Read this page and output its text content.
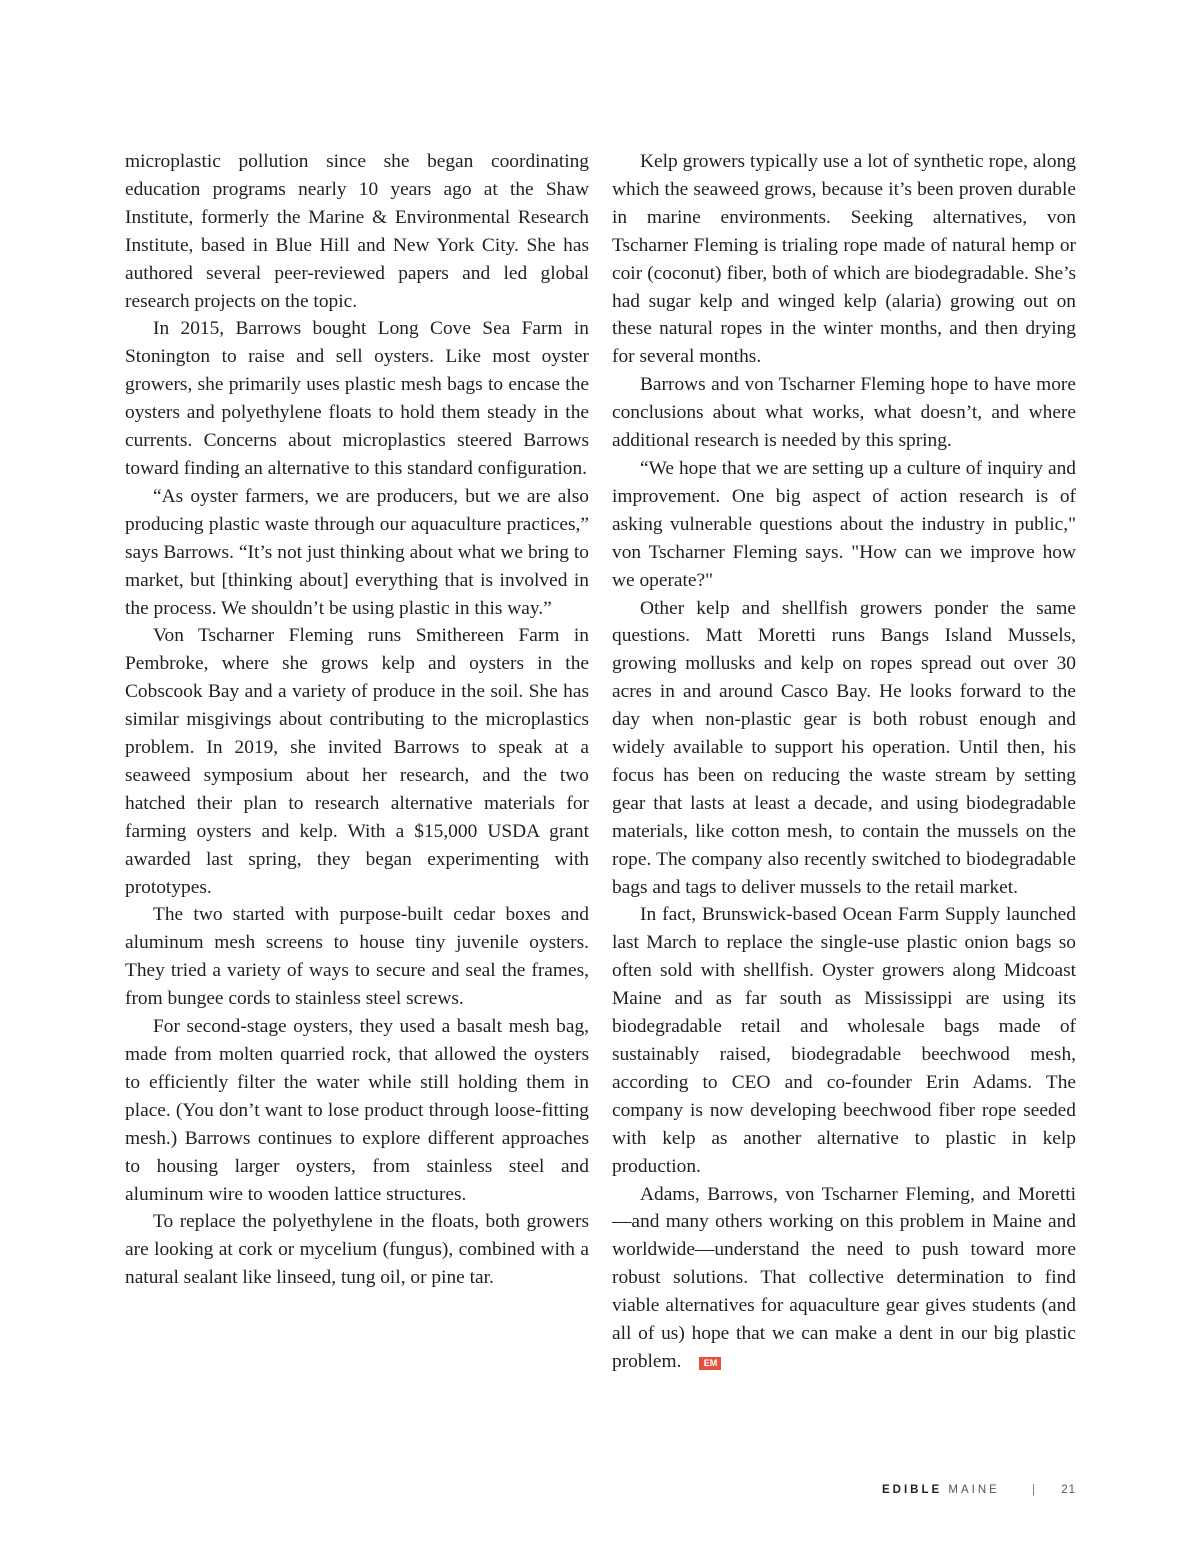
microplastic pollution since she began coordinating education programs nearly 10 years ago at the Shaw Institute, formerly the Marine & Environmental Research Institute, based in Blue Hill and New York City. She has authored several peer-reviewed papers and led global research projects on the topic.

In 2015, Barrows bought Long Cove Sea Farm in Stonington to raise and sell oysters. Like most oyster growers, she primarily uses plastic mesh bags to encase the oysters and polyethylene floats to hold them steady in the currents. Concerns about microplastics steered Barrows toward finding an alternative to this standard configuration.

“As oyster farmers, we are producers, but we are also producing plastic waste through our aquaculture practices,” says Barrows. “It’s not just thinking about what we bring to market, but [thinking about] everything that is involved in the process. We shouldn’t be using plastic in this way.”

Von Tscharner Fleming runs Smithereen Farm in Pembroke, where she grows kelp and oysters in the Cobscook Bay and a variety of produce in the soil. She has similar misgivings about contributing to the microplastics problem. In 2019, she invited Barrows to speak at a seaweed symposium about her research, and the two hatched their plan to research alternative materials for farming oysters and kelp. With a $15,000 USDA grant awarded last spring, they began experimenting with prototypes.

The two started with purpose-built cedar boxes and aluminum mesh screens to house tiny juvenile oysters. They tried a variety of ways to secure and seal the frames, from bungee cords to stainless steel screws.

For second-stage oysters, they used a basalt mesh bag, made from molten quarried rock, that allowed the oysters to efficiently filter the water while still holding them in place. (You don’t want to lose product through loose-fitting mesh.) Barrows continues to explore different approaches to housing larger oysters, from stainless steel and aluminum wire to wooden lattice structures.

To replace the polyethylene in the floats, both growers are looking at cork or mycelium (fungus), combined with a natural sealant like linseed, tung oil, or pine tar.

Kelp growers typically use a lot of synthetic rope, along which the seaweed grows, because it’s been proven durable in marine environments. Seeking alternatives, von Tscharner Fleming is trialing rope made of natural hemp or coir (coconut) fiber, both of which are biodegradable. She’s had sugar kelp and winged kelp (alaria) growing out on these natural ropes in the winter months, and then drying for several months.

Barrows and von Tscharner Fleming hope to have more conclusions about what works, what doesn’t, and where additional research is needed by this spring.

“We hope that we are setting up a culture of inquiry and improvement. One big aspect of action research is of asking vulnerable questions about the industry in public," von Tscharner Fleming says. "How can we improve how we operate?"

Other kelp and shellfish growers ponder the same questions. Matt Moretti runs Bangs Island Mussels, growing mollusks and kelp on ropes spread out over 30 acres in and around Casco Bay. He looks forward to the day when non-plastic gear is both robust enough and widely available to support his operation. Until then, his focus has been on reducing the waste stream by setting gear that lasts at least a decade, and using biodegradable materials, like cotton mesh, to contain the mussels on the rope. The company also recently switched to biodegradable bags and tags to deliver mussels to the retail market.

In fact, Brunswick-based Ocean Farm Supply launched last March to replace the single-use plastic onion bags so often sold with shellfish. Oyster growers along Midcoast Maine and as far south as Mississippi are using its biodegradable retail and wholesale bags made of sustainably raised, biodegradable beechwood mesh, according to CEO and co-founder Erin Adams. The company is now developing beechwood fiber rope seeded with kelp as another alternative to plastic in kelp production.

Adams, Barrows, von Tscharner Fleming, and Moretti—and many others working on this problem in Maine and worldwide—understand the need to push toward more robust solutions. That collective determination to find viable alternatives for aquaculture gear gives students (and all of us) hope that we can make a dent in our big plastic problem. EM

EDIBLE MAINE	| 21
